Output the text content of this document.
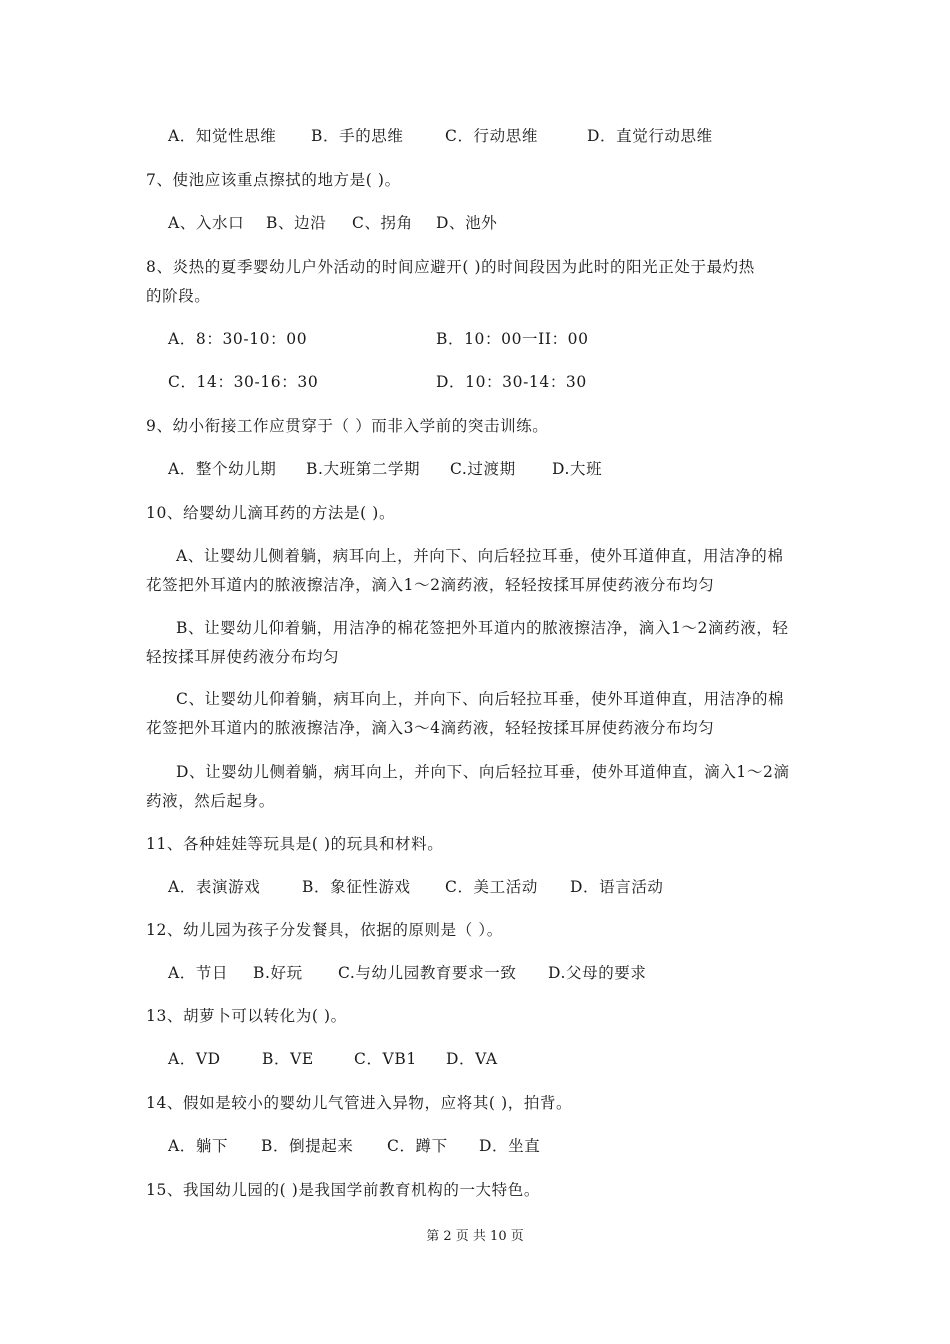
A．知觉性思维 B．手的思维	C．行动思维	D．直觉行动思维
7、使池应该重点擦拭的地方是( )。
A、入水口 B、边沿 C、拐角 D、池外
8、炎热的夏季婴幼儿户外活动的时间应避开( )的时间段因为此时的阳光正处于最灼热
的阶段。
A．8：30-10：00	B．10：00一II：00
C．14：30-16：30	D．10：30-14：30
9、幼小衔接工作应贯穿于（ ）而非入学前的突击训练。
A．整个幼儿期 B.大班第二学期 C.过渡期 D.大班
10、给婴幼儿滴耳药的方法是( )。
A、让婴幼儿侧着躺，病耳向上，并向下、向后轻拉耳垂，使外耳道伸直，用洁净的棉
花签把外耳道内的脓液擦洁净，滴入1～2滴药液，轻轻按揉耳屏使药液分布均匀
B、让婴幼儿仰着躺，用洁净的棉花签把外耳道内的脓液擦洁净，滴入1～2滴药液，轻
轻按揉耳屏使药液分布均匀
C、让婴幼儿仰着躺，病耳向上，并向下、向后轻拉耳垂，使外耳道伸直，用洁净的棉
花签把外耳道内的脓液擦洁净，滴入3～4滴药液，轻轻按揉耳屏使药液分布均匀
D、让婴幼儿侧着躺，病耳向上，并向下、向后轻拉耳垂，使外耳道伸直，滴入1～2滴
药液，然后起身。
11、各种娃娃等玩具是( )的玩具和材料。
A．表演游戏	B．象征性游戏 C．美工活动 D．语言活动
12、幼儿园为孩子分发餐具，依据的原则是（ ）。
A．节日 B.好玩 C.与幼儿园教育要求一致 D.父母的要求
13、胡萝卜可以转化为( )。
A．VD	B．VE	C．VB1 D．VA
14、假如是较小的婴幼儿气管进入异物，应将其( )，拍背。
A．躺下 B．倒提起来 C．蹲下 D．坐直
15、我国幼儿园的( )是我国学前教育机构的一大特色。
第 2 页 共 10 页
